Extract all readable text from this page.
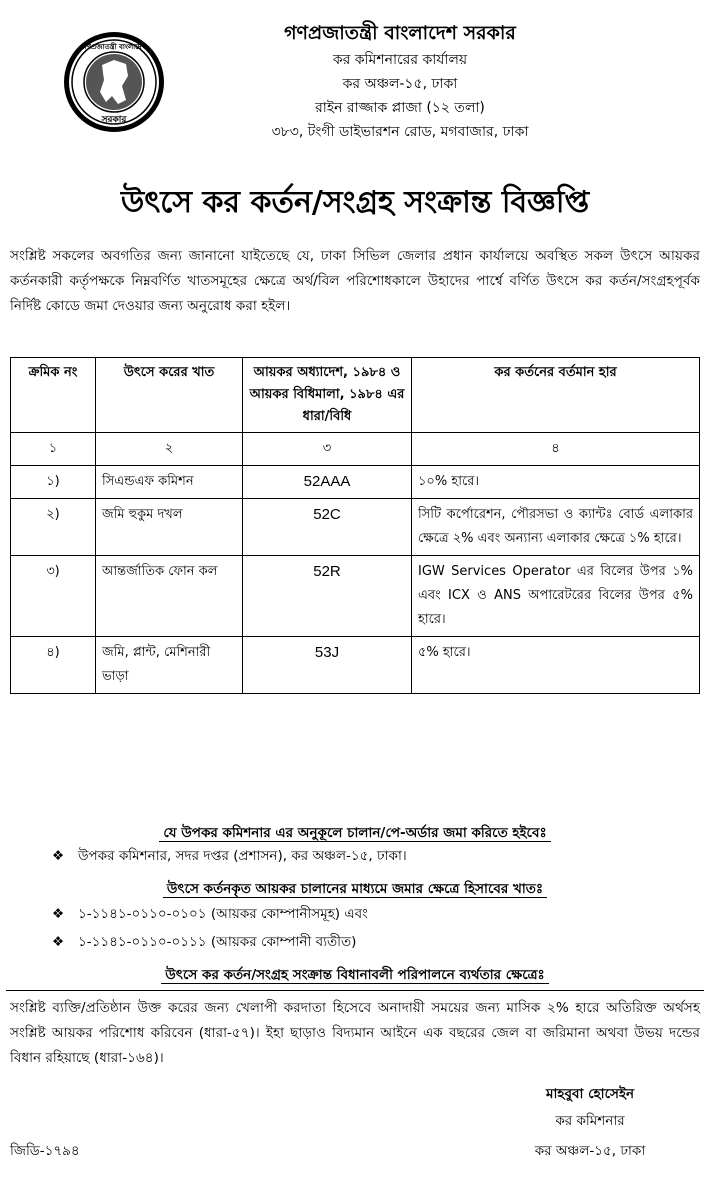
গণপ্রজাতন্ত্রী বাংলাদেশ
সরকার
গণপ্রজাতন্ত্রী বাংলাদেশ সরকার
কর কমিশনারের কার্যালয়
কর অঞ্চল-১৫, ঢাকা
রাইন রাজ্জাক প্লাজা (১২ তলা)
৩৮৩, টংগী ডাইভারশন রোড, মগবাজার, ঢাকা
উৎসে কর কর্তন/সংগ্রহ সংক্রান্ত বিজ্ঞপ্তি
সংশ্লিষ্ট সকলের অবগতির জন্য জানানো যাইতেছে যে, ঢাকা সিভিল জেলার প্রধান কার্যালয়ে অবস্থিত সকল উৎসে আয়কর কর্তনকারী কর্তৃপক্ষকে নিম্নবর্ণিত খাতসমূহের ক্ষেত্রে অর্থ/বিল পরিশোধকালে উহাদের পার্শ্বে বর্ণিত উৎসে কর কর্তন/সংগ্রহপূর্বক নির্দিষ্ট কোডে জমা দেওয়ার জন্য অনুরোধ করা হইল।
ক্রমিক নং	উৎসে করের খাত	আয়কর অধ্যাদেশ, ১৯৮৪ ও আয়কর বিধিমালা, ১৯৮৪ এর ধারা/বিধি	কর কর্তনের বর্তমান হার
১	২	৩	৪
১)	সিএন্ডএফ কমিশন	52AAA	১০% হারে।
২)	জমি হুকুম দখল	52C	সিটি কর্পোরেশন, পৌরসভা ও ক্যান্টঃ বোর্ড এলাকার ক্ষেত্রে ২% এবং অন্যান্য এলাকার ক্ষেত্রে ১% হারে।
৩)	আন্তর্জাতিক ফোন কল	52R	IGW Services Operator এর বিলের উপর ১% এবং ICX ও ANS অপারেটরের বিলের উপর ৫% হারে।
৪)	জমি, প্লান্ট, মেশিনারী ভাড়া	53J	৫% হারে।
যে উপকর কমিশনার এর অনুকূলে চালান/পে-অর্ডার জমা করিতে হইবেঃ
❖ উপকর কমিশনার, সদর দপ্তর (প্রশাসন), কর অঞ্চল-১৫, ঢাকা।
উৎসে কর্তনকৃত আয়কর চালানের মাধ্যমে জমার ক্ষেত্রে হিসাবের খাতঃ
❖ ১-১১৪১-০১১০-০১০১ (আয়কর কোম্পানীসমূহ) এবং
❖ ১-১১৪১-০১১০-০১১১ (আয়কর কোম্পানী ব্যতীত)
উৎসে কর কর্তন/সংগ্রহ সংক্রান্ত বিধানাবলী পরিপালনে ব্যর্থতার ক্ষেত্রেঃ
সংশ্লিষ্ট ব্যক্তি/প্রতিষ্ঠান উক্ত করের জন্য খেলাপী করদাতা হিসেবে অনাদায়ী সময়ের জন্য মাসিক ২% হারে অতিরিক্ত অর্থসহ সংশ্লিষ্ট আয়কর পরিশোধ করিবেন (ধারা-৫৭)। ইহা ছাড়াও বিদ্যমান আইনে এক বছরের জেল বা জরিমানা অথবা উভয় দন্ডের বিধান রহিয়াছে (ধারা-১৬৪)।
মাহবুবা হোসেইন
কর কমিশনার
কর অঞ্চল-১৫, ঢাকা
জিডি-১৭৯৪
